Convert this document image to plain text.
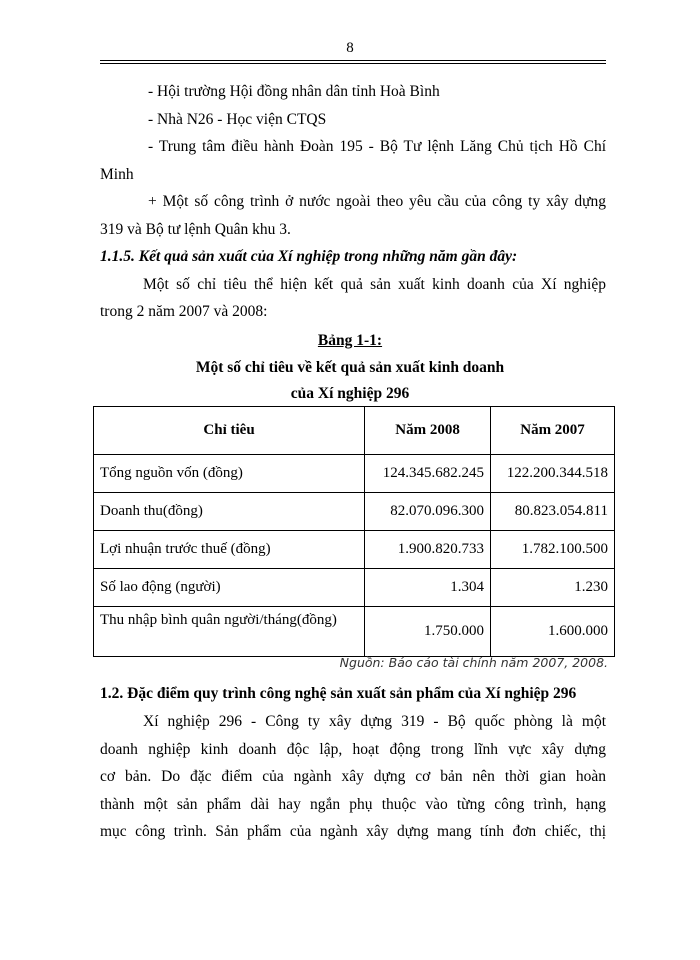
8
- Hội trường Hội đồng nhân dân tỉnh Hoà Bình
- Nhà N26 - Học viện CTQS
- Trung tâm điều hành Đoàn 195 - Bộ Tư lệnh Lăng Chủ tịch Hồ Chí
Minh
+ Một số công trình ở nước ngoài theo yêu cầu của công ty xây dựng
319 và Bộ tư lệnh Quân khu 3.
1.1.5. Kết quả sản xuất của Xí nghiệp trong những năm gần đây:
Một số chỉ tiêu thể hiện kết quả sản xuất kinh doanh của Xí nghiệp
trong 2 năm 2007 và 2008:
Bảng 1-1:
Một số chỉ tiêu về kết quả sản xuất kinh doanh
của Xí nghiệp 296
Chỉ tiêu	Năm 2008	Năm 2007
Tổng nguồn vốn (đồng)	124.345.682.245	122.200.344.518
Doanh thu(đồng)	82.070.096.300	80.823.054.811
Lợi nhuận trước thuế (đồng)	1.900.820.733	1.782.100.500
Số lao động (người)	1.304	1.230
Thu nhập bình quân người/tháng(đồng)	1.750.000	1.600.000
Nguồn: Báo cáo tài chính năm 2007, 2008.
1.2. Đặc điểm quy trình công nghệ sản xuất sản phẩm của Xí nghiệp 296
Xí nghiệp 296 - Công ty xây dựng 319 - Bộ quốc phòng là một
doanh nghiệp kinh doanh độc lập, hoạt động trong lĩnh vực xây dựng
cơ bản. Do đặc điểm của ngành xây dựng cơ bản nên thời gian hoàn
thành một sản phẩm dài hay ngắn phụ thuộc vào từng công trình, hạng
mục công trình. Sản phẩm của ngành xây dựng mang tính đơn chiếc, thị
